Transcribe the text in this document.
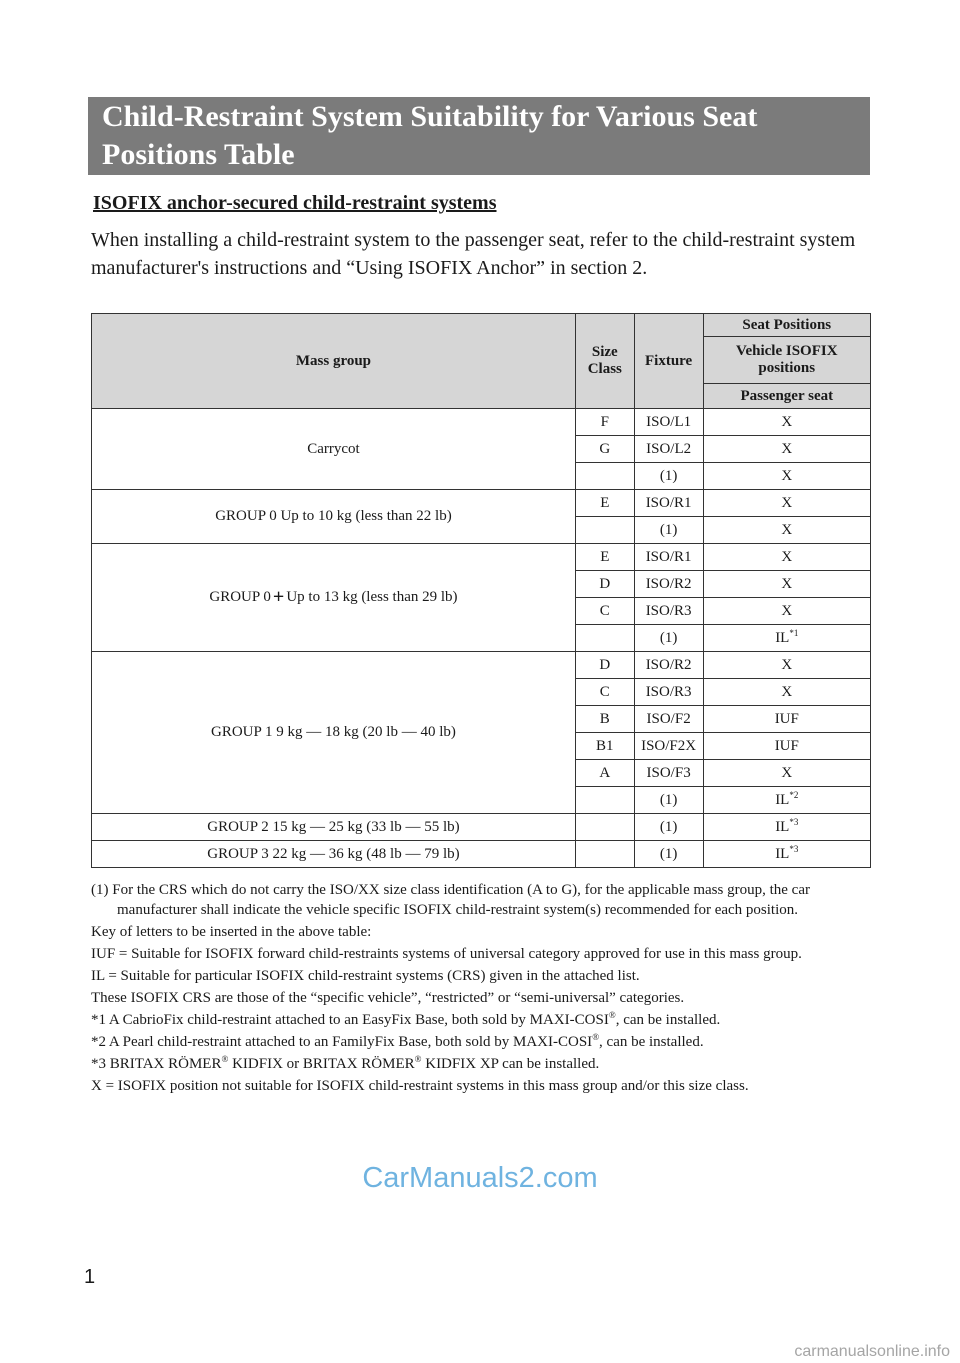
Child-Restraint System Suitability for Various Seat Positions Table
ISOFIX anchor-secured child-restraint systems
When installing a child-restraint system to the passenger seat, refer to the child-restraint system manufacturer's instructions and “Using ISOFIX Anchor” in section 2.
Mass group	Size Class	Fixture	Seat Positions
			Vehicle ISOFIX positions
			Passenger seat
Carrycot	F	ISO/L1	X
	G	ISO/L2	X
		(1)	X
GROUP 0 Up to 10 kg (less than 22 lb)	E	ISO/R1	X
		(1)	X
GROUP 0 + Up to 13 kg (less than 29 lb)	E	ISO/R1	X
	D	ISO/R2	X
	C	ISO/R3	X
		(1)	IL$^{*1}$
GROUP 1 9 kg — 18 kg (20 lb — 40 lb)	D	ISO/R2	X
	C	ISO/R3	X
	B	ISO/F2	IUF
	B1	ISO/F2X	IUF
	A	ISO/F3	X
		(1)	IL$^{*2}$
GROUP 2 15 kg — 25 kg (33 lb — 55 lb)		(1)	IL$^{*3}$
GROUP 3 22 kg — 36 kg (48 lb — 79 lb)		(1)	IL$^{*3}$
(1) For the CRS which do not carry the ISO/XX size class identification (A to G), for the applicable mass group, the car manufacturer shall indicate the vehicle specific ISOFIX child-restraint system(s) recommended for each position.
Key of letters to be inserted in the above table:
IUF = Suitable for ISOFIX forward child-restraints systems of universal category approved for use in this mass group.
IL = Suitable for particular ISOFIX child-restraint systems (CRS) given in the attached list.
These ISOFIX CRS are those of the “specific vehicle”, “restricted” or “semi-universal” categories.
*1 A CabrioFix child-restraint attached to an EasyFix Base, both sold by MAXI-COSI®, can be installed.
*2 A Pearl child-restraint attached to an FamilyFix Base, both sold by MAXI-COSI®, can be installed.
*3 BRITAX RÖMER® KIDFIX or BRITAX RÖMER® KIDFIX XP can be installed.
X = ISOFIX position not suitable for ISOFIX child-restraint systems in this mass group and/or this size class.
CarManuals2.com
1
carmanualsonline.info
